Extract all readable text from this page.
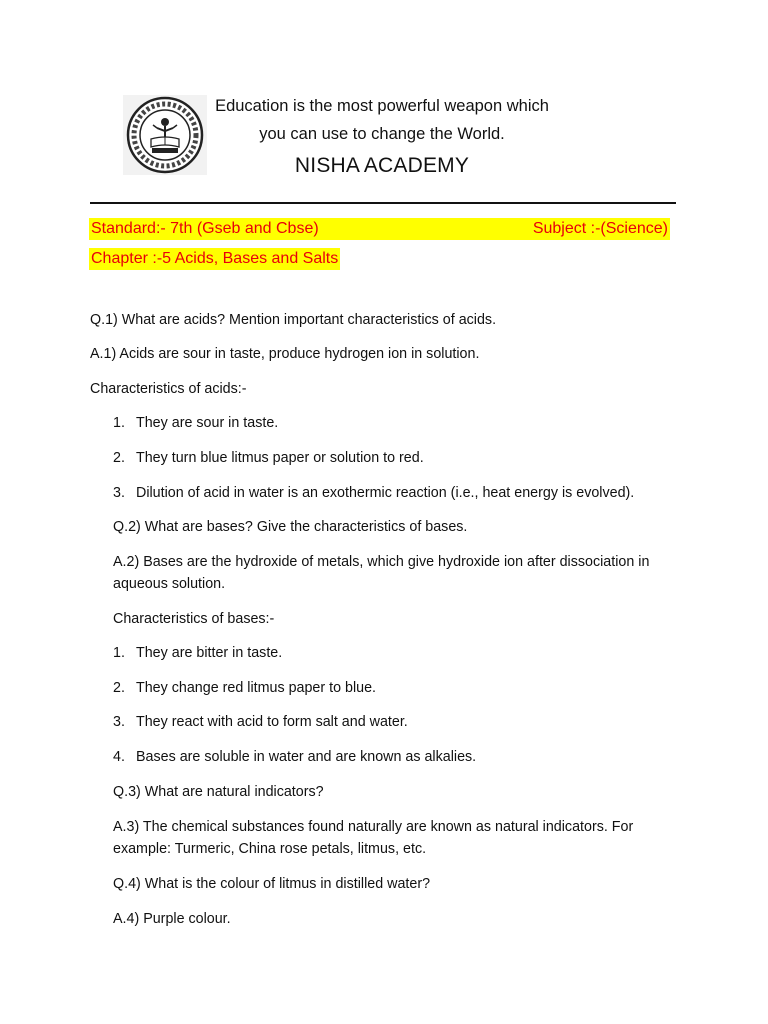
Education is the most powerful weapon which
you can use to change the World.
NISHA ACADEMY
Standard:- 7th (Gseb and Cbse)	Subject :-(Science)
Chapter :-5 Acids, Bases and Salts
Q.1) What are acids? Mention important characteristics of acids.
A.1) Acids are sour in taste, produce hydrogen ion in solution.
Characteristics of acids:-
1. They are sour in taste.
2. They turn blue litmus paper or solution to red.
3. Dilution of acid in water is an exothermic reaction (i.e., heat energy is evolved).
Q.2) What are bases? Give the characteristics of bases.
A.2) Bases are the hydroxide of metals, which give hydroxide ion after dissociation in aqueous solution.
Characteristics of bases:-
1. They are bitter in taste.
2. They change red litmus paper to blue.
3. They react with acid to form salt and water.
4. Bases are soluble in water and are known as alkalies.
Q.3) What are natural indicators?
A.3) The chemical substances found naturally are known as natural indicators. For example: Turmeric, China rose petals, litmus, etc.
Q.4) What is the colour of litmus in distilled water?
A.4) Purple colour.
